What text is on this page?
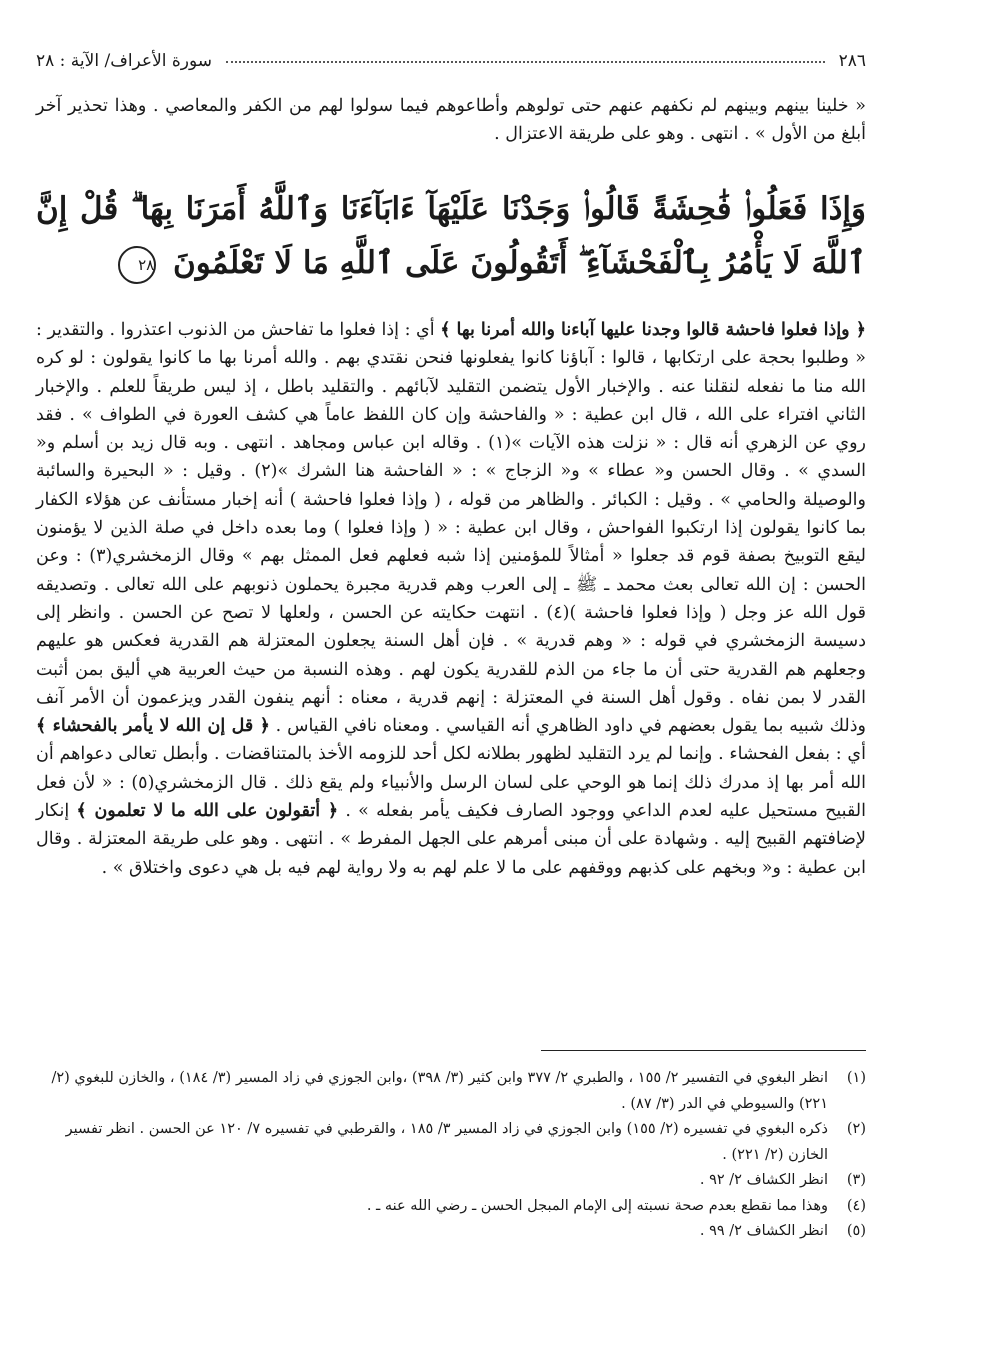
٢٨٦
سورة الأعراف/ الآية : ٢٨
« خلينا بينهم وبينهم لم نكفهم عنهم حتى تولوهم وأطاعوهم فيما سولوا لهم من الكفر والمعاصي . وهذا تحذير آخر أبلغ من الأول » . انتهى . وهو على طريقة الاعتزال .
وَإِذَا فَعَلُوا۟ فَٰحِشَةً قَالُوا۟ وَجَدْنَا عَلَيْهَآ ءَابَآءَنَا وَٱللَّهُ أَمَرَنَا بِهَا ۗ قُلْ إِنَّ ٱللَّهَ لَا يَأْمُرُ بِٱلْفَحْشَآءِ ۖ أَتَقُولُونَ عَلَى ٱللَّهِ مَا لَا تَعْلَمُونَ ٢٨

﴿ وإذا فعلوا فاحشة قالوا وجدنا عليها آباءنا والله أمرنا بها ﴾ أي : إذا فعلوا ما تفاحش من الذنوب اعتذروا . والتقدير : « وطلبوا بحجة على ارتكابها ، قالوا : آباؤنا كانوا يفعلونها فنحن نقتدي بهم . والله أمرنا بها ما كانوا يقولون : لو كره الله منا ما نفعله لنقلنا عنه . والإخبار الأول يتضمن التقليد لآبائهم . والتقليد باطل ، إذ ليس طريقاً للعلم . والإخبار الثاني افتراء على الله ، قال ابن عطية : « والفاحشة وإن كان اللفظ عاماً هي كشف العورة في الطواف » . فقد روي عن الزهري أنه قال : « نزلت هذه الآيات »(١) . وقاله ابن عباس ومجاهد . انتهى . وبه قال زيد بن أسلم و« السدي » . وقال الحسن و« عطاء » و« الزجاج » : « الفاحشة هنا الشرك »(٢) . وقيل : « البحيرة والسائبة والوصيلة والحامي » . وقيل : الكبائر . والظاهر من قوله ، ( وإذا فعلوا فاحشة ) أنه إخبار مستأنف عن هؤلاء الكفار بما كانوا يقولون إذا ارتكبوا الفواحش ، وقال ابن عطية : « ( وإذا فعلوا ) وما بعده داخل في صلة الذين لا يؤمنون ليقع التوبيخ بصفة قوم قد جعلوا « أمثالاً للمؤمنين إذا شبه فعلهم فعل الممثل بهم » وقال الزمخشري(٣) : وعن الحسن : إن الله تعالى بعث محمد ـ ﷺ ـ إلى العرب وهم قدرية مجبرة يحملون ذنوبهم على الله تعالى . وتصديقه قول الله عز وجل ( وإذا فعلوا فاحشة )(٤) . انتهت حكايته عن الحسن ، ولعلها لا تصح عن الحسن . وانظر إلى دسيسة الزمخشري في قوله : « وهم قدرية » . فإن أهل السنة يجعلون المعتزلة هم القدرية فعكس هو عليهم وجعلهم هم القدرية حتى أن ما جاء من الذم للقدرية يكون لهم . وهذه النسبة من حيث العربية هي أليق بمن أثبت القدر لا بمن نفاه . وقول أهل السنة في المعتزلة : إنهم قدرية ، معناه : أنهم ينفون القدر ويزعمون أن الأمر آنف وذلك شبيه بما يقول بعضهم في داود الظاهري أنه القياسي . ومعناه نافي القياس . ﴿ قل إن الله لا يأمر بالفحشاء ﴾ أي : بفعل الفحشاء . وإنما لم يرد التقليد لظهور بطلانه لكل أحد للزومه الأخذ بالمتناقضات . وأبطل تعالى دعواهم أن الله أمر بها إذ مدرك ذلك إنما هو الوحي على لسان الرسل والأنبياء ولم يقع ذلك . قال الزمخشري(٥) : « لأن فعل القبيح مستحيل عليه لعدم الداعي ووجود الصارف فكيف يأمر بفعله » . ﴿ أتقولون على الله ما لا تعلمون ﴾ إنكار لإضافتهم القبيح إليه . وشهادة على أن مبنى أمرهم على الجهل المفرط » . انتهى . وهو على طريقة المعتزلة . وقال ابن عطية : و« وبخهم على كذبهم ووقفهم على ما لا علم لهم به ولا رواية لهم فيه بل هي دعوى واختلاق » .

(١)
انظر البغوي في التفسير ٢/ ١٥٥ ، والطبري ٢/ ٣٧٧ وابن كثير (٣/ ٣٩٨) ،وابن الجوزي في زاد المسير (٣/ ١٨٤) ، والخازن للبغوي (٢/ ٢٢١) والسيوطي في الدر (٣/ ٨٧) .
(٢)
ذكره البغوي في تفسيره (٢/ ١٥٥) وابن الجوزي في زاد المسير ٣/ ١٨٥ ، والقرطبي في تفسيره ٧/ ١٢٠ عن الحسن . انظر تفسير الخازن (٢/ ٢٢١) .
(٣)
انظر الكشاف ٢/ ٩٢ .
(٤)
وهذا مما نقطع بعدم صحة نسبته إلى الإمام المبجل الحسن ـ رضي الله عنه ـ .
(٥)
انظر الكشاف ٢/ ٩٩ .
